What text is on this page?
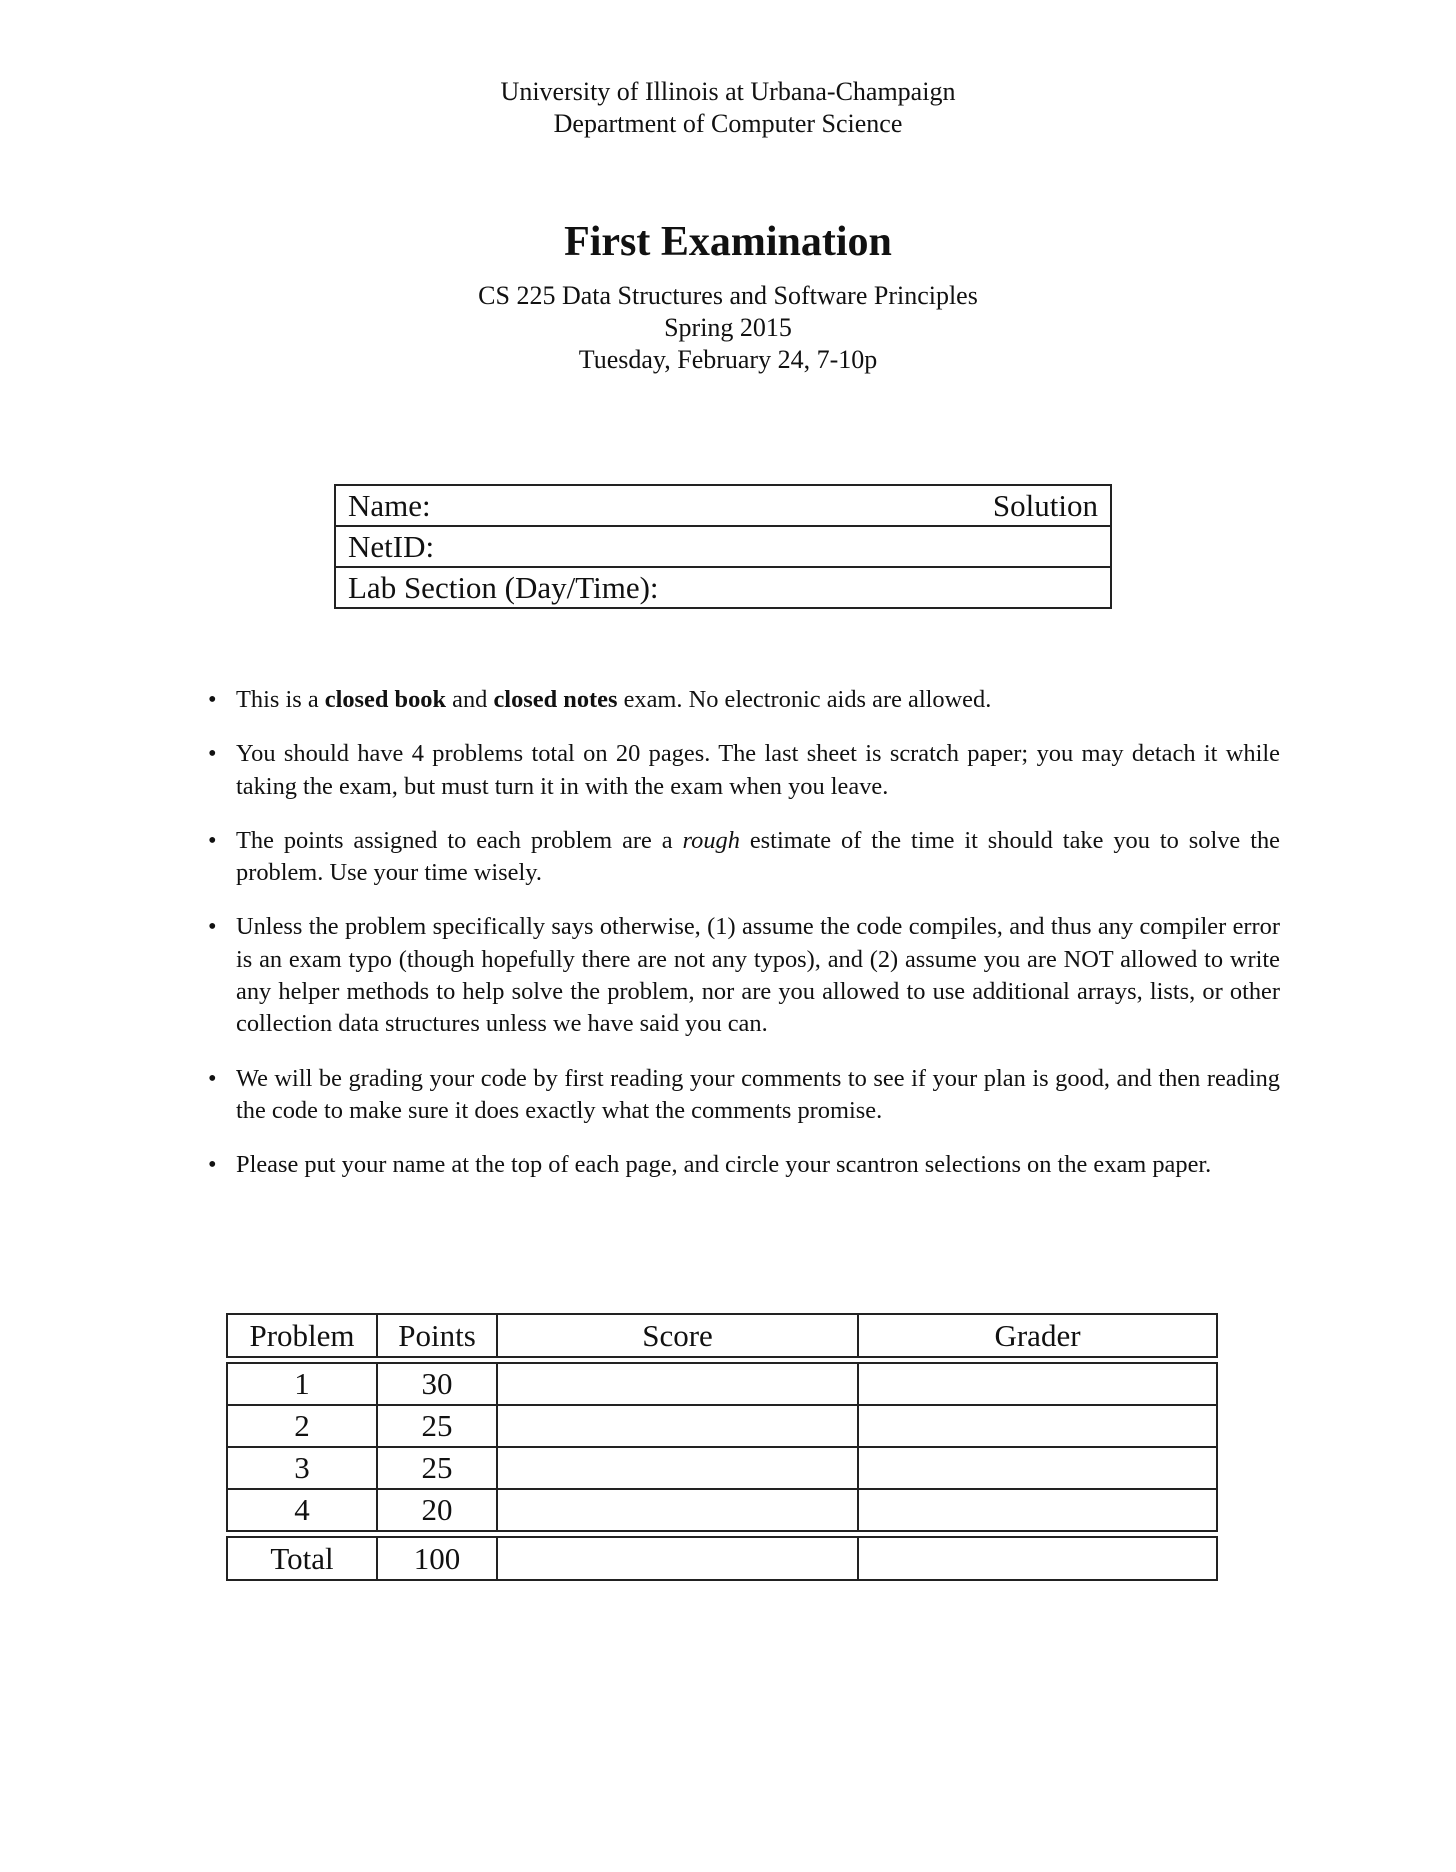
University of Illinois at Urbana-Champaign

Department of Computer Science

First Examination

CS 225 Data Structures and Software Principles

Spring 2015

Tuesday, February 24, 7-10p

Name:	Solution

NetID:
Lab Section (Day/Time):
• This is a closed book and closed notes exam. No electronic aids are allowed.
• You should have 4 problems total on 20 pages. The last sheet is scratch paper; you may detach it while taking the exam, but must turn it in with the exam when you leave.
• The points assigned to each problem are a rough estimate of the time it should take you to solve the problem. Use your time wisely.
• Unless the problem specifically says otherwise, (1) assume the code compiles, and thus any compiler error is an exam typo (though hopefully there are not any typos), and (2) assume you are NOT allowed to write any helper methods to help solve the problem, nor are you allowed to use additional arrays, lists, or other collection data structures unless we have said you can.
• We will be grading your code by first reading your comments to see if your plan is good, and then reading the code to make sure it does exactly what the comments promise.
• Please put your name at the top of each page, and circle your scantron selections on the exam paper.
Problem	Points	Score	Grader

1	30		
2	25		
3	25		
4	20		

Total	100		
